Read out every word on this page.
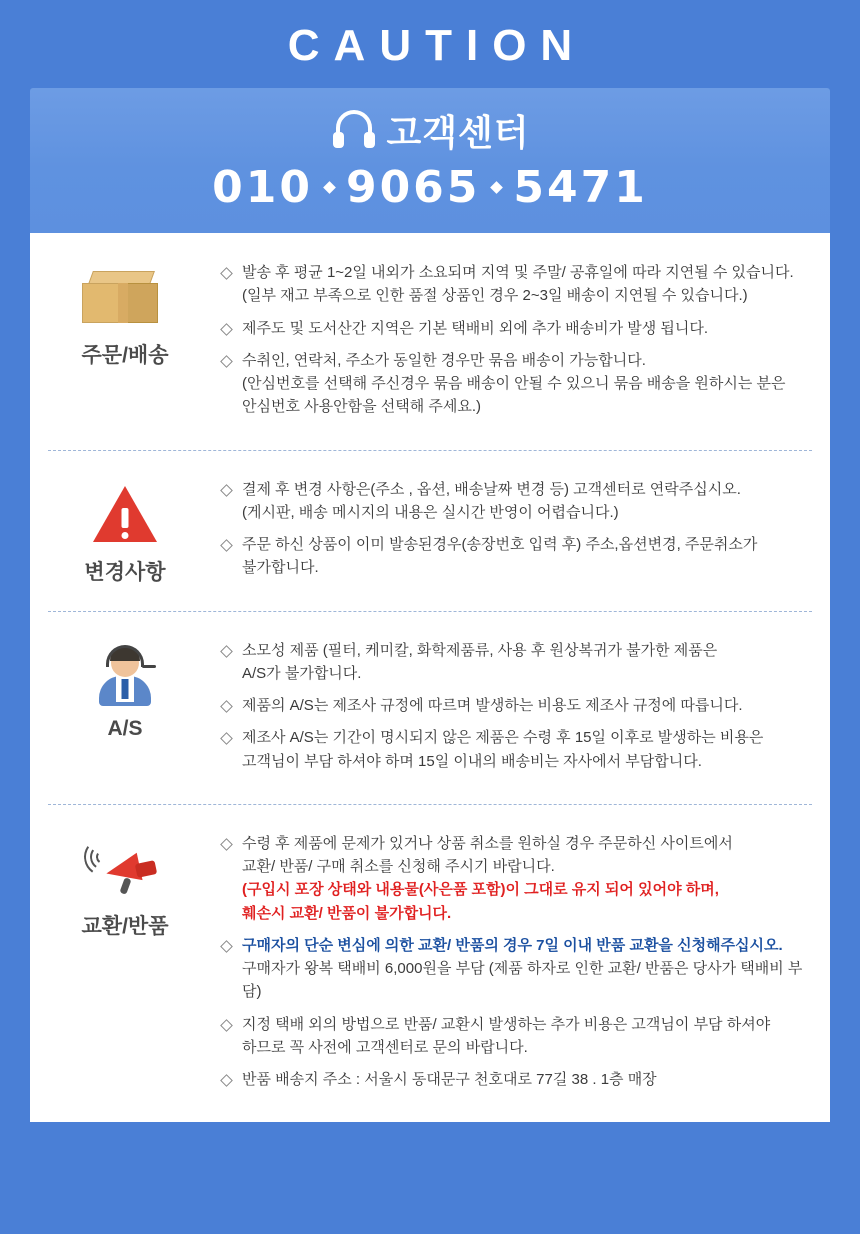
CAUTION
고객센터
010 9065 5471
주문/배송
발송 후 평균 1~2일 내외가 소요되며 지역 및 주말/ 공휴일에 따라 지연될 수 있습니다.
(일부 재고 부족으로 인한 품절 상품인 경우 2~3일 배송이 지연될 수 있습니다.)
제주도 및 도서산간 지역은 기본 택배비 외에 추가 배송비가 발생 됩니다.
수취인, 연락처, 주소가 동일한 경우만 묶음 배송이 가능합니다.
(안심번호를 선택해 주신경우 묶음 배송이 안될 수 있으니 묶음 배송을 원하시는 분은
안심번호 사용안함을 선택해 주세요.)
변경사항
결제 후 변경 사항은(주소 , 옵션, 배송날짜 변경 등) 고객센터로 연락주십시오.
(게시판, 배송 메시지의 내용은 실시간 반영이 어렵습니다.)
주문 하신 상품이 이미 발송된경우(송장번호 입력 후) 주소,옵션변경, 주문취소가
불가합니다.
A/S
소모성 제품 (필터, 케미칼, 화학제품류, 사용 후 원상복귀가 불가한 제품은
A/S가 불가합니다.
제품의 A/S는 제조사 규정에 따르며 발생하는 비용도 제조사 규정에 따릅니다.
제조사 A/S는 기간이 명시되지 않은 제품은 수령 후 15일 이후로 발생하는 비용은
고객님이 부담 하셔야 하며 15일 이내의 배송비는 자사에서 부담합니다.
교환/반품
수령 후 제품에 문제가 있거나 상품 취소를 원하실 경우 주문하신 사이트에서
교환/ 반품/ 구매 취소를 신청해 주시기 바랍니다.
(구입시 포장 상태와 내용물(사은품 포함)이 그대로 유지 되어 있어야 하며,
훼손시 교환/ 반품이 불가합니다.
구매자의 단순 변심에 의한 교환/ 반품의 경우 7일 이내 반품 교환을 신청해주십시오.
구매자가 왕복 택배비 6,000원을 부담 (제품 하자로 인한 교환/ 반품은 당사가 택배비 부담)
지정 택배 외의 방법으로 반품/ 교환시 발생하는 추가 비용은 고객님이 부담 하셔야
하므로 꼭 사전에 고객센터로 문의 바랍니다.
반품 배송지 주소 : 서울시 동대문구 천호대로 77길 38 . 1층 매장
